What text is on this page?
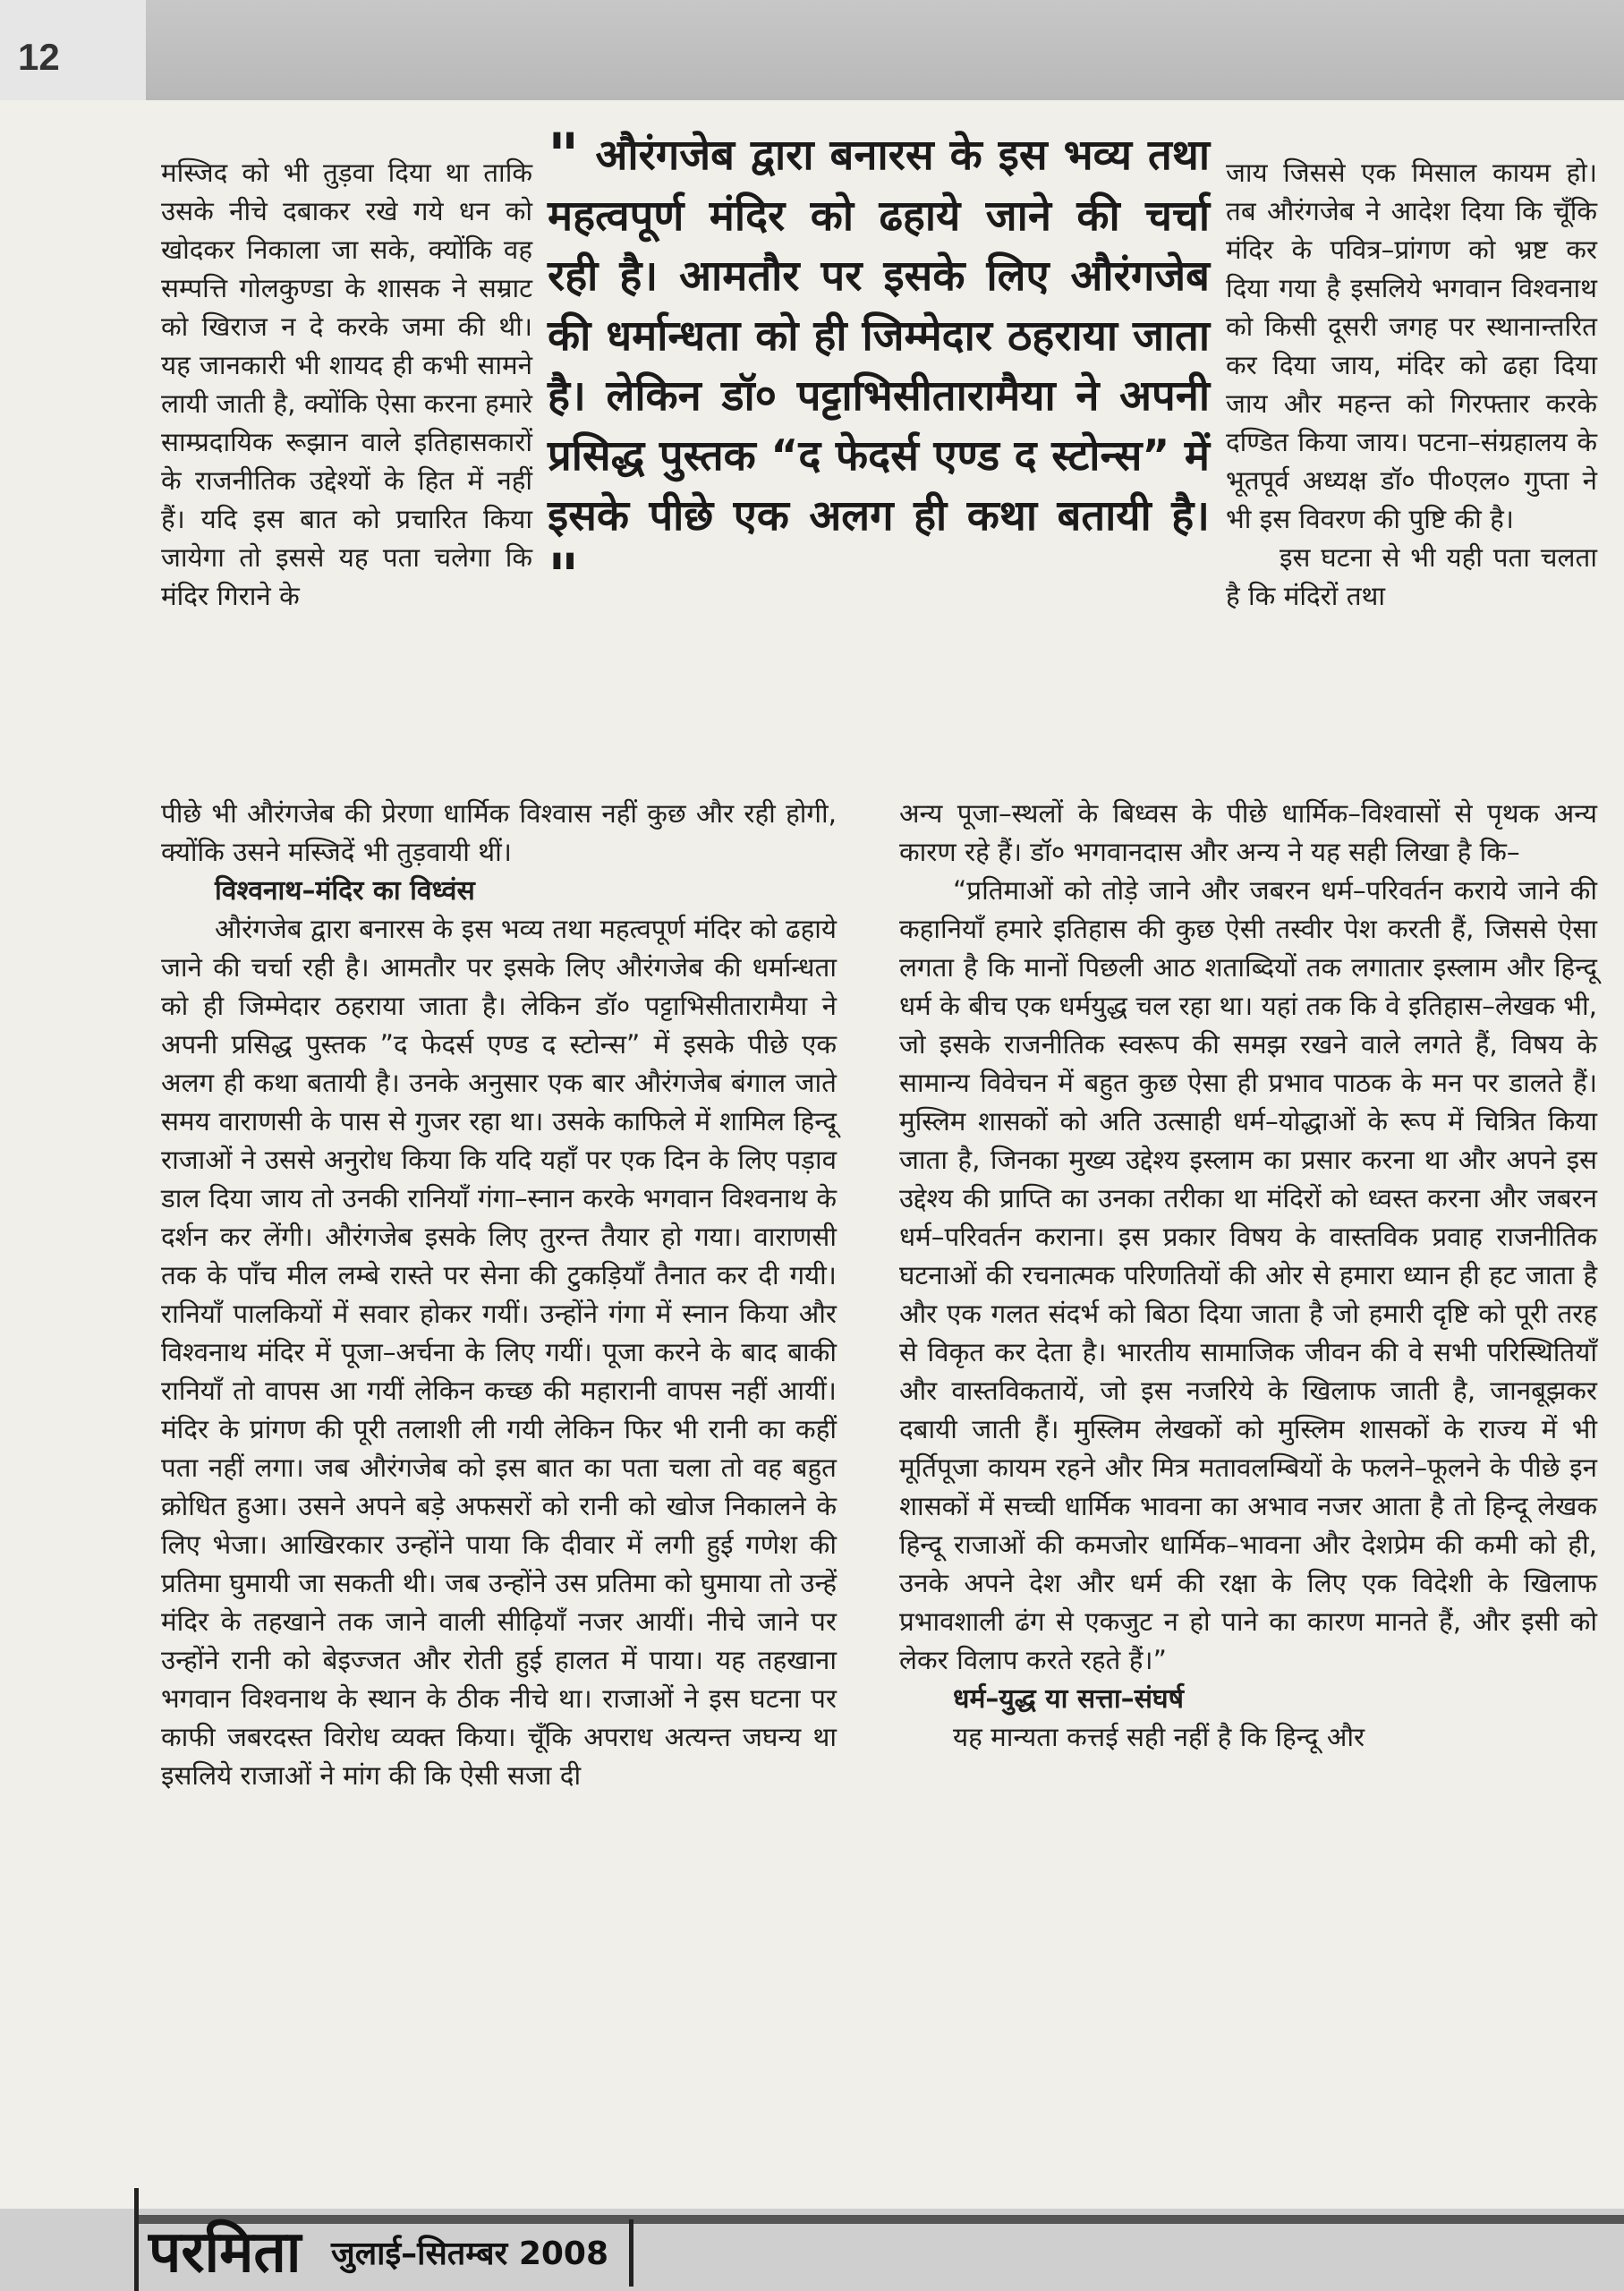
12

मस्जिद को भी तुड़वा दिया था ताकि उसके नीचे दबाकर रखे गये धन को खोदकर निकाला जा सके, क्योंकि वह सम्पत्ति गोलकुण्डा के शासक ने सम्राट को खिराज न दे करके जमा की थी। यह जानकारी भी शायद ही कभी सामने लायी जाती है, क्योंकि ऐसा करना हमारे साम्प्रदायिक रूझान वाले इतिहासकारों के राजनीतिक उद्देश्यों के हित में नहीं हैं। यदि इस बात को प्रचारित किया जायेगा तो इससे यह पता चलेगा कि मंदिर गिराने के

" औरंगजेब द्वारा बनारस के इस भव्य तथा महत्वपूर्ण मंदिर को ढहाये जाने की चर्चा रही है। आमतौर पर इसके लिए औरंगजेब की धर्मान्धता को ही जिम्मेदार ठहराया जाता है। लेकिन डॉ० पट्टाभिसीतारामैया ने अपनी प्रसिद्ध पुस्तक “द फेदर्स एण्ड द स्टोन्स” में इसके पीछे एक अलग ही कथा बतायी है। "

जाय जिससे एक मिसाल कायम हो। तब औरंगजेब ने आदेश दिया कि चूँकि मंदिर के पवित्र–प्रांगण को भ्रष्ट कर दिया गया है इसलिये भगवान विश्वनाथ को किसी दूसरी जगह पर स्थानान्तरित कर दिया जाय, मंदिर को ढहा दिया जाय और महन्त को गिरफ्तार करके दण्डित किया जाय। पटना–संग्रहालय के भूतपूर्व अध्यक्ष डॉ० पी०एल० गुप्ता ने भी इस विवरण की पुष्टि की है।

इस घटना से भी यही पता चलता है कि मंदिरों तथा

पीछे भी औरंगजेब की प्रेरणा धार्मिक विश्वास नहीं कुछ और रही होगी, क्योंकि उसने मस्जिदें भी तुड़वायी थीं।

विश्वनाथ–मंदिर का विध्वंस

औरंगजेब द्वारा बनारस के इस भव्य तथा महत्वपूर्ण मंदिर को ढहाये जाने की चर्चा रही है। आमतौर पर इसके लिए औरंगजेब की धर्मान्धता को ही जिम्मेदार ठहराया जाता है। लेकिन डॉ० पट्टाभिसीतारामैया ने अपनी प्रसिद्ध पुस्तक ”द फेदर्स एण्ड द स्टोन्स” में इसके पीछे एक अलग ही कथा बतायी है। उनके अनुसार एक बार औरंगजेब बंगाल जाते समय वाराणसी के पास से गुजर रहा था। उसके काफिले में शामिल हिन्दू राजाओं ने उससे अनुरोध किया कि यदि यहाँ पर एक दिन के लिए पड़ाव डाल दिया जाय तो उनकी रानियाँ गंगा–स्नान करके भगवान विश्वनाथ के दर्शन कर लेंगी। औरंगजेब इसके लिए तुरन्त तैयार हो गया। वाराणसी तक के पाँच मील लम्बे रास्ते पर सेना की टुकड़ियाँ तैनात कर दी गयी। रानियाँ पालकियों में सवार होकर गयीं। उन्होंने गंगा में स्नान किया और विश्वनाथ मंदिर में पूजा–अर्चना के लिए गयीं। पूजा करने के बाद बाकी रानियाँ तो वापस आ गयीं लेकिन कच्छ की महारानी वापस नहीं आयीं। मंदिर के प्रांगण की पूरी तलाशी ली गयी लेकिन फिर भी रानी का कहीं पता नहीं लगा। जब औरंगजेब को इस बात का पता चला तो वह बहुत क्रोधित हुआ। उसने अपने बड़े अफसरों को रानी को खोज निकालने के लिए भेजा। आखिरकार उन्होंने पाया कि दीवार में लगी हुई गणेश की प्रतिमा घुमायी जा सकती थी। जब उन्होंने उस प्रतिमा को घुमाया तो उन्हें मंदिर के तहखाने तक जाने वाली सीढ़ियाँ नजर आयीं। नीचे जाने पर उन्होंने रानी को बेइज्जत और रोती हुई हालत में पाया। यह तहखाना भगवान विश्वनाथ के स्थान के ठीक नीचे था। राजाओं ने इस घटना पर काफी जबरदस्त विरोध व्यक्त किया। चूँकि अपराध अत्यन्त जघन्य था इसलिये राजाओं ने मांग की कि ऐसी सजा दी

अन्य पूजा–स्थलों के बिध्वस के पीछे धार्मिक–विश्वासों से पृथक अन्य कारण रहे हैं। डॉ० भगवानदास और अन्य ने यह सही लिखा है कि–

“प्रतिमाओं को तोड़े जाने और जबरन धर्म–परिवर्तन कराये जाने की कहानियाँ हमारे इतिहास की कुछ ऐसी तस्वीर पेश करती हैं, जिससे ऐसा लगता है कि मानों पिछली आठ शताब्दियों तक लगातार इस्लाम और हिन्दू धर्म के बीच एक धर्मयुद्ध चल रहा था। यहां तक कि वे इतिहास–लेखक भी, जो इसके राजनीतिक स्वरूप की समझ रखने वाले लगते हैं, विषय के सामान्य विवेचन में बहुत कुछ ऐसा ही प्रभाव पाठक के मन पर डालते हैं। मुस्लिम शासकों को अति उत्साही धर्म–योद्धाओं के रूप में चित्रित किया जाता है, जिनका मुख्य उद्देश्य इस्लाम का प्रसार करना था और अपने इस उद्देश्य की प्राप्ति का उनका तरीका था मंदिरों को ध्वस्त करना और जबरन धर्म–परिवर्तन कराना। इस प्रकार विषय के वास्तविक प्रवाह राजनीतिक घटनाओं की रचनात्मक परिणतियों की ओर से हमारा ध्यान ही हट जाता है और एक गलत संदर्भ को बिठा दिया जाता है जो हमारी दृष्टि को पूरी तरह से विकृत कर देता है। भारतीय सामाजिक जीवन की वे सभी परिस्थितियाँ और वास्तविकतायें, जो इस नजरिये के खिलाफ जाती है, जानबूझकर दबायी जाती हैं। मुस्लिम लेखकों को मुस्लिम शासकों के राज्य में भी मूर्तिपूजा कायम रहने और मित्र मतावलम्बियों के फलने–फूलने के पीछे इन शासकों में सच्ची धार्मिक भावना का अभाव नजर आता है तो हिन्दू लेखक हिन्दू राजाओं की कमजोर धार्मिक–भावना और देशप्रेम की कमी को ही, उनके अपने देश और धर्म की रक्षा के लिए एक विदेशी के खिलाफ प्रभावशाली ढंग से एकजुट न हो पाने का कारण मानते हैं, और इसी को लेकर विलाप करते रहते हैं।”

धर्म–युद्ध या सत्ता–संघर्ष

यह मान्यता कत्तई सही नहीं है कि हिन्दू और

परमिता जुलाई–सितम्बर 2008
